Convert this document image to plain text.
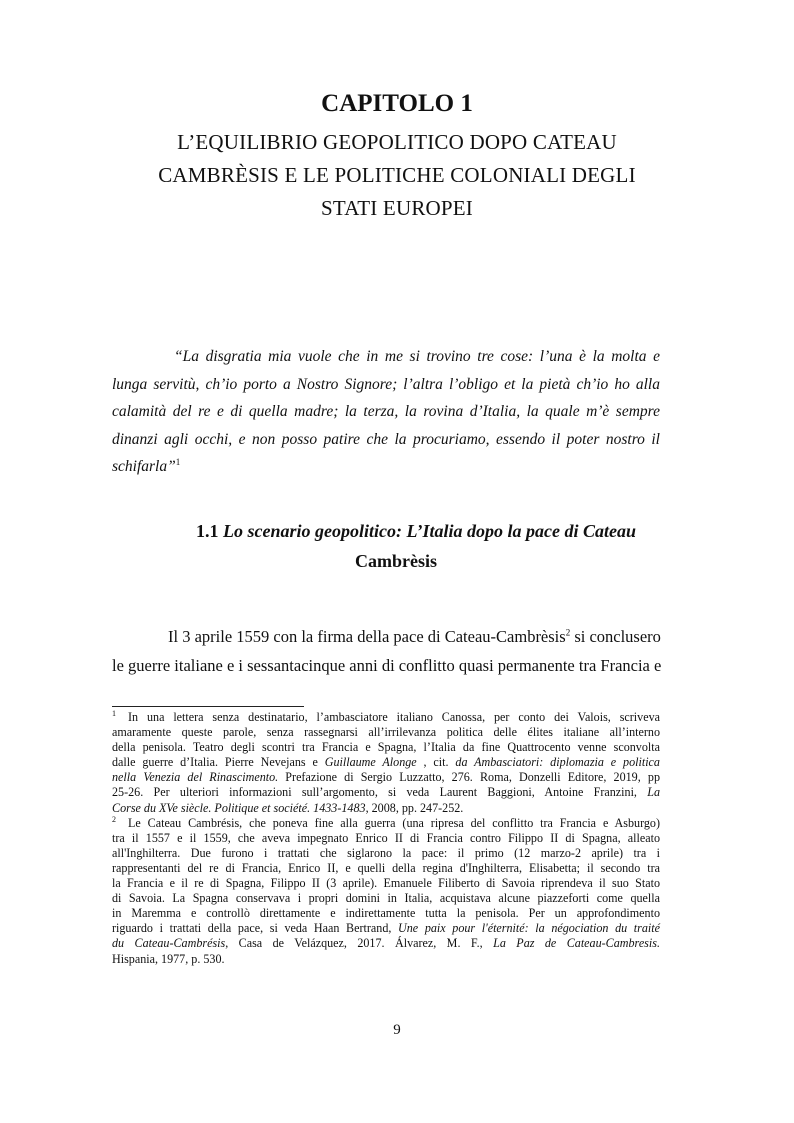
CAPITOLO 1
L’EQUILIBRIO GEOPOLITICO DOPO CATEAU
CAMBRÈSIS E LE POLITICHE COLONIALI DEGLI
STATI EUROPEI
“La disgratia mia vuole che in me si trovino tre cose: l’una è la molta e
lunga servitù, ch’io porto a Nostro Signore; l’altra l’obligo et la pietà ch’io ho alla
calamità del re e di quella madre; la terza, la rovina d’Italia, la quale m’è sempre
dinanzi agli occhi, e non posso patire che la procuriamo, essendo il poter nostro il
schifarla”$^1$
1.1 Lo scenario geopolitico: L’Italia dopo la pace di Cateau
Cambrèsis
Il 3 aprile 1559 con la firma della pace di Cateau-Cambrèsis$^2$ si conclusero
le guerre italiane e i sessantacinque anni di conflitto quasi permanente tra Francia e
1 In una lettera senza destinatario, l’ambasciatore italiano Canossa, per conto dei Valois, scriveva
amaramente queste parole, senza rassegnarsi all’irrilevanza politica delle élites italiane all’interno
della penisola. Teatro degli scontri tra Francia e Spagna, l’Italia da fine Quattrocento venne sconvolta
dalle guerre d’Italia. Pierre Nevejans e Guillaume Alonge , cit. da Ambasciatori: diplomazia e politica
nella Venezia del Rinascimento. Prefazione di Sergio Luzzatto, 276. Roma, Donzelli Editore, 2019, pp
25-26. Per ulteriori informazioni sull’argomento, si veda Laurent Baggioni, Antoine Franzini, La
Corse du XVe siècle. Politique et société. 1433-1483, 2008, pp. 247-252.
2 Le Cateau Cambrésis, che poneva fine alla guerra (una ripresa del conflitto tra Francia e Asburgo)
tra il 1557 e il 1559, che aveva impegnato Enrico II di Francia contro Filippo II di Spagna, alleato
all'Inghilterra. Due furono i trattati che siglarono la pace: il primo (12 marzo-2 aprile) tra i
rappresentanti del re di Francia, Enrico II, e quelli della regina d'Inghilterra, Elisabetta; il secondo tra
la Francia e il re di Spagna, Filippo II (3 aprile). Emanuele Filiberto di Savoia riprendeva il suo Stato
di Savoia. La Spagna conservava i propri domini in Italia, acquistava alcune piazzeforti come quella
in Maremma e controllò direttamente e indirettamente tutta la penisola. Per un approfondimento
riguardo i trattati della pace, si veda Haan Bertrand, Une paix pour l'éternité: la négociation du traité
du Cateau-Cambrésis, Casa de Velázquez, 2017. Álvarez, M. F., La Paz de Cateau-Cambresis.
Hispania, 1977, p. 530.
9
